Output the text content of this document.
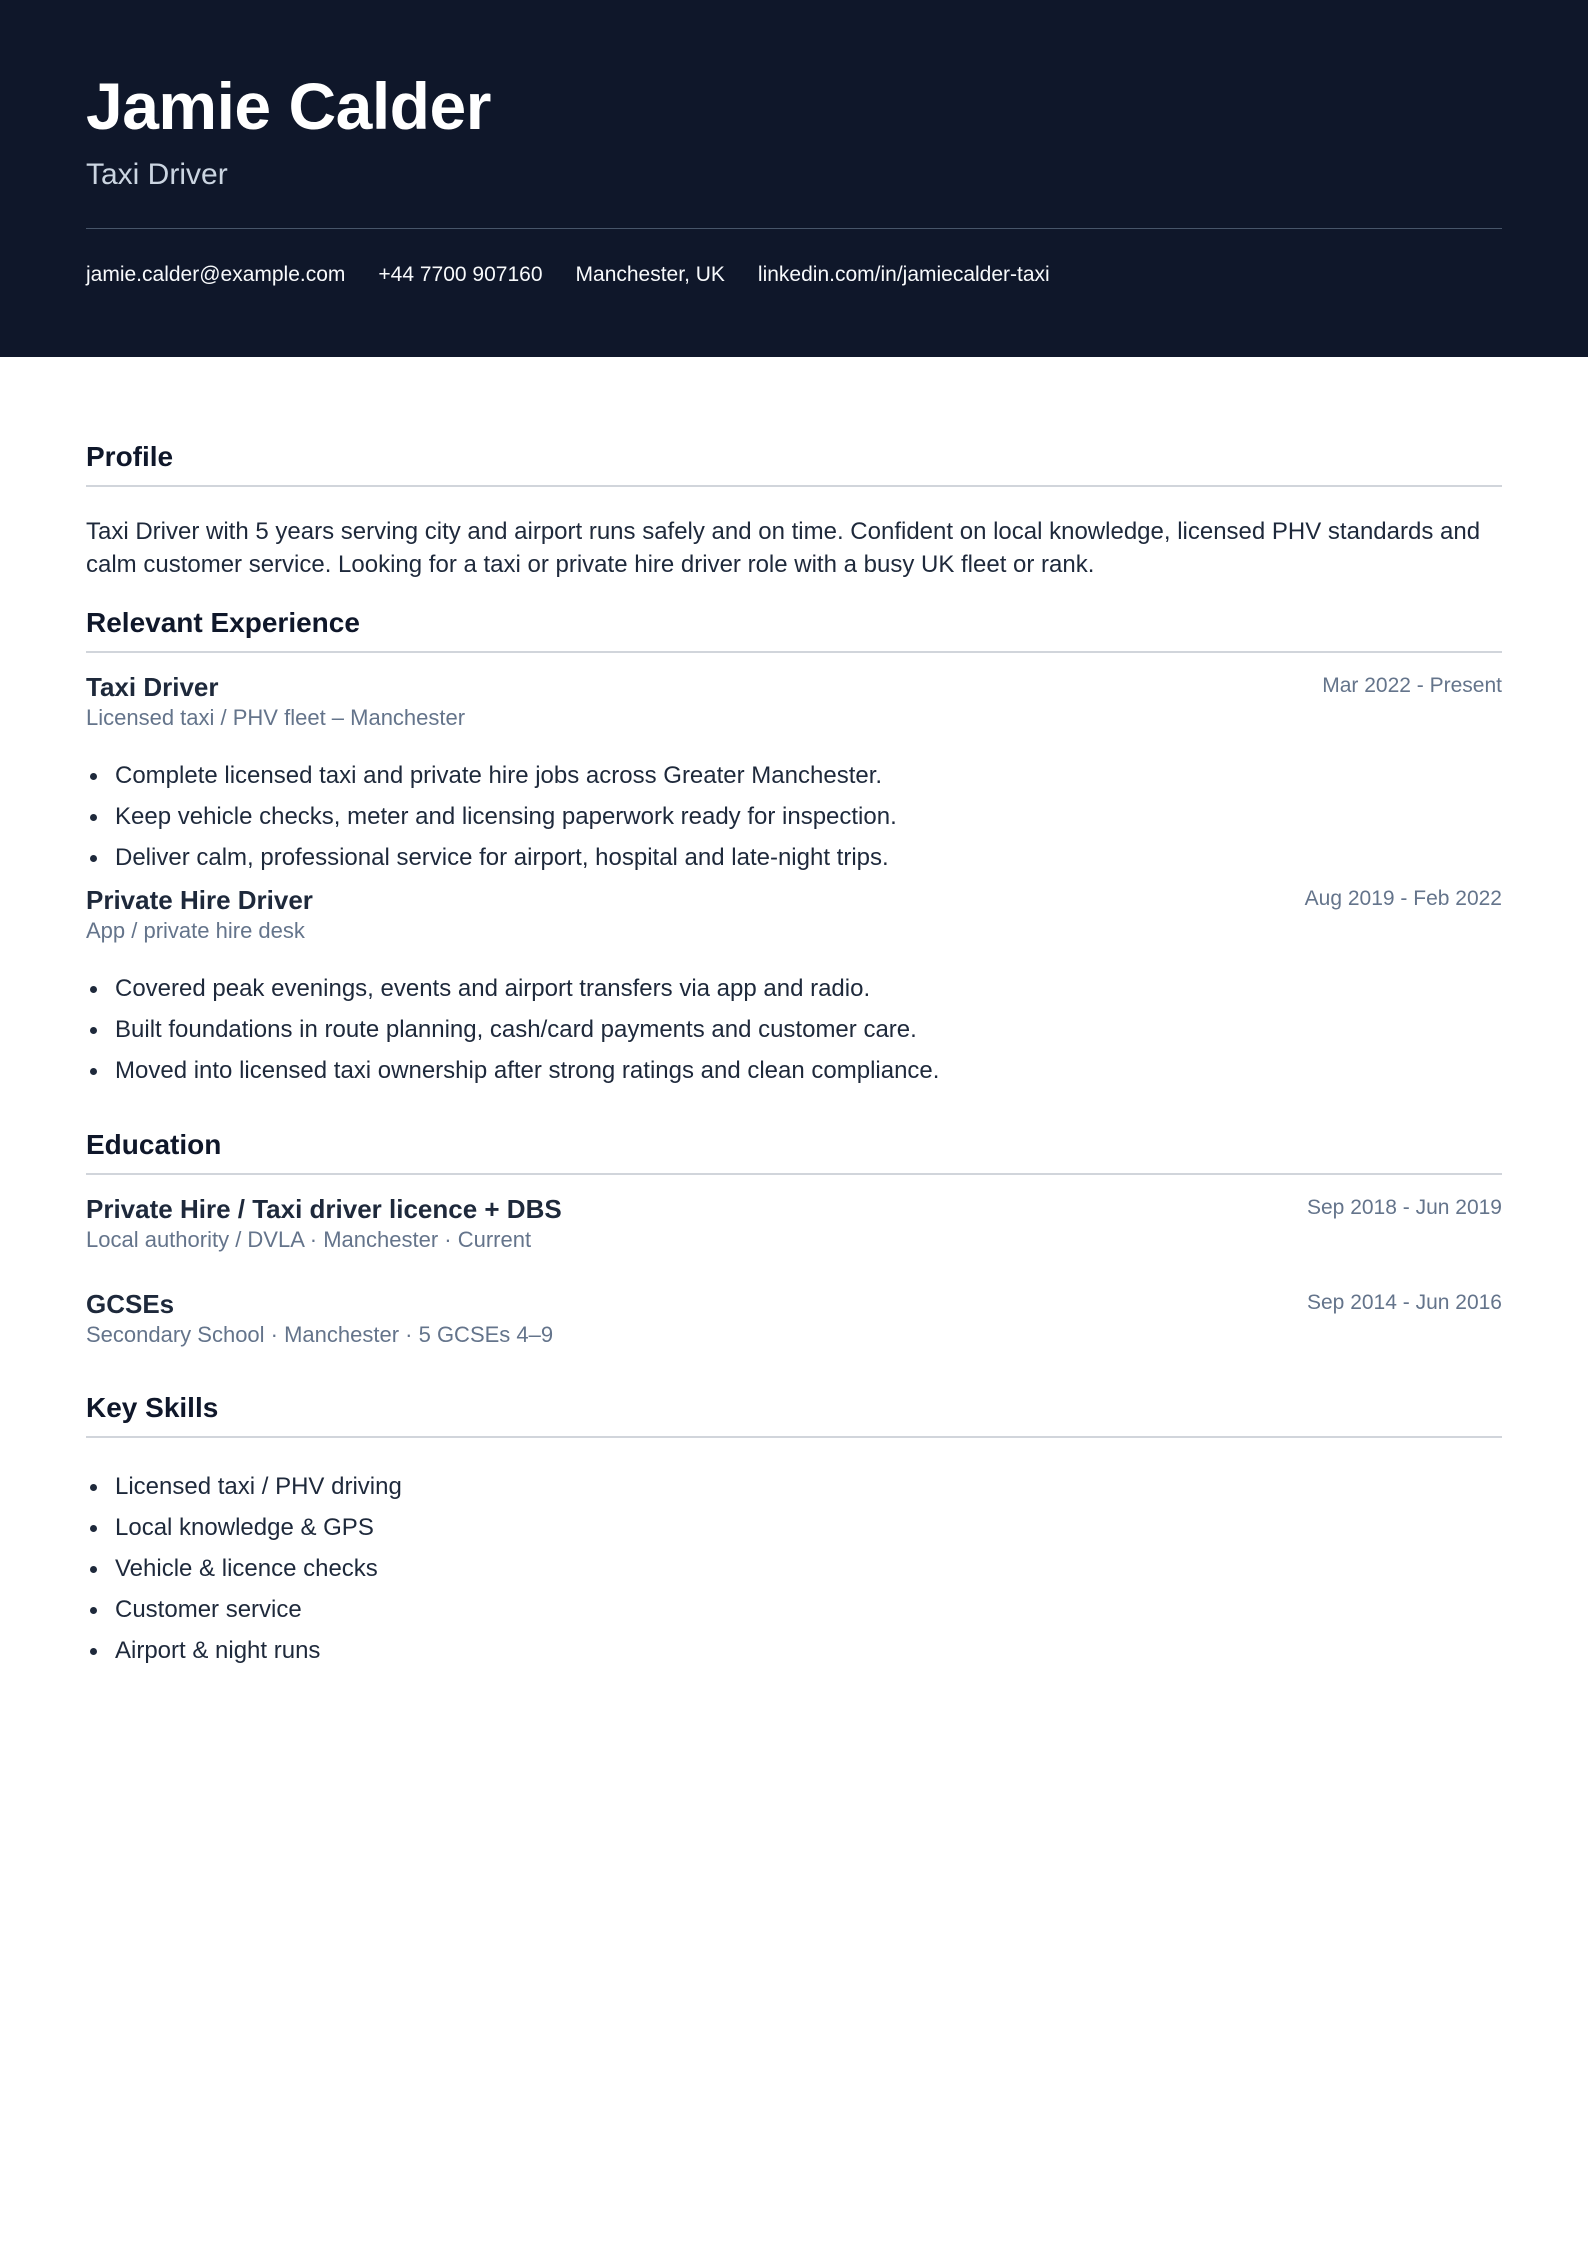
Jamie Calder
Taxi Driver
jamie.calder@example.com +44 7700 907160 Manchester, UK linkedin.com/in/jamiecalder-taxi
Profile

Taxi Driver with 5 years serving city and airport runs safely and on time. Confident on local knowledge, licensed PHV standards and calm customer service. Looking for a taxi or private hire driver role with a busy UK fleet or rank.

Relevant Experience
Taxi Driver
Licensed taxi / PHV fleet – Manchester
Mar 2022 - Present
Complete licensed taxi and private hire jobs across Greater Manchester.
Keep vehicle checks, meter and licensing paperwork ready for inspection.
Deliver calm, professional service for airport, hospital and late-night trips.
Private Hire Driver
App / private hire desk
Aug 2019 - Feb 2022
Covered peak evenings, events and airport transfers via app and radio.
Built foundations in route planning, cash/card payments and customer care.
Moved into licensed taxi ownership after strong ratings and clean compliance.
Education
Private Hire / Taxi driver licence + DBS
Local authority / DVLA · Manchester · Current
Sep 2018 - Jun 2019
GCSEs
Secondary School · Manchester · 5 GCSEs 4–9
Sep 2014 - Jun 2016
Key Skills
Licensed taxi / PHV driving
Local knowledge & GPS
Vehicle & licence checks
Customer service
Airport & night runs
